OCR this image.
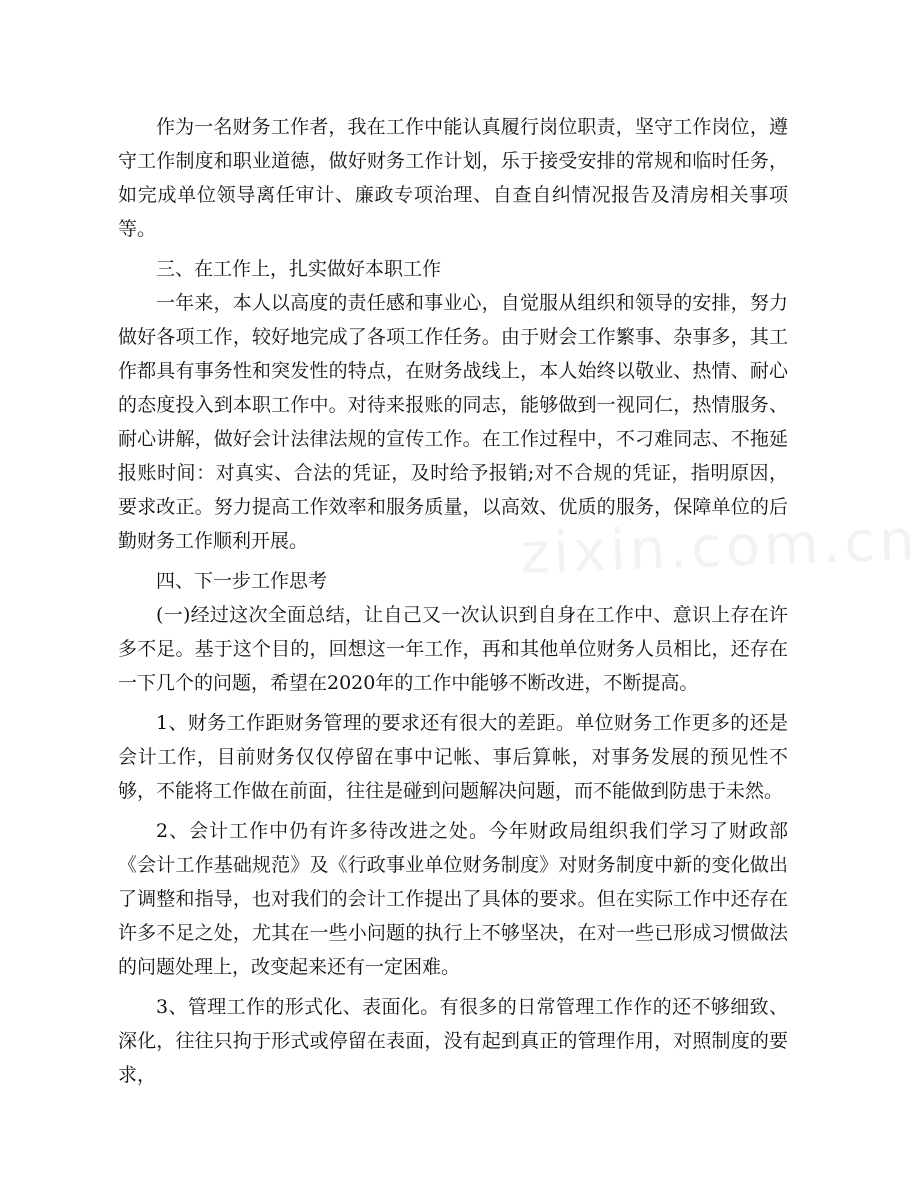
zixin.com.cn

作为一名财务工作者，我在工作中能认真履行岗位职责，坚守工作岗位，遵守工作制度和职业道德，做好财务工作计划，乐于接受安排的常规和临时任务，如完成单位领导离任审计、廉政专项治理、自查自纠情况报告及清房相关事项等。

三、在工作上，扎实做好本职工作

一年来，本人以高度的责任感和事业心，自觉服从组织和领导的安排，努力做好各项工作，较好地完成了各项工作任务。由于财会工作繁事、杂事多，其工作都具有事务性和突发性的特点，在财务战线上，本人始终以敬业、热情、耐心的态度投入到本职工作中。对待来报账的同志，能够做到一视同仁，热情服务、耐心讲解，做好会计法律法规的宣传工作。在工作过程中，不刁难同志、不拖延报账时间：对真实、合法的凭证，及时给予报销;对不合规的凭证，指明原因，要求改正。努力提高工作效率和服务质量，以高效、优质的服务，保障单位的后勤财务工作顺利开展。

四、下一步工作思考

(一)经过这次全面总结，让自己又一次认识到自身在工作中、意识上存在许多不足。基于这个目的，回想这一年工作，再和其他单位财务人员相比，还存在一下几个的问题，希望在2020年的工作中能够不断改进，不断提高。

1、财务工作距财务管理的要求还有很大的差距。单位财务工作更多的还是会计工作，目前财务仅仅停留在事中记帐、事后算帐，对事务发展的预见性不够，不能将工作做在前面，往往是碰到问题解决问题，而不能做到防患于未然。

2、会计工作中仍有许多待改进之处。今年财政局组织我们学习了财政部《会计工作基础规范》及《行政事业单位财务制度》对财务制度中新的变化做出了调整和指导，也对我们的会计工作提出了具体的要求。但在实际工作中还存在许多不足之处，尤其在一些小问题的执行上不够坚决，在对一些已形成习惯做法的问题处理上，改变起来还有一定困难。

3、管理工作的形式化、表面化。有很多的日常管理工作作的还不够细致、深化，往往只拘于形式或停留在表面，没有起到真正的管理作用，对照制度的要求，
